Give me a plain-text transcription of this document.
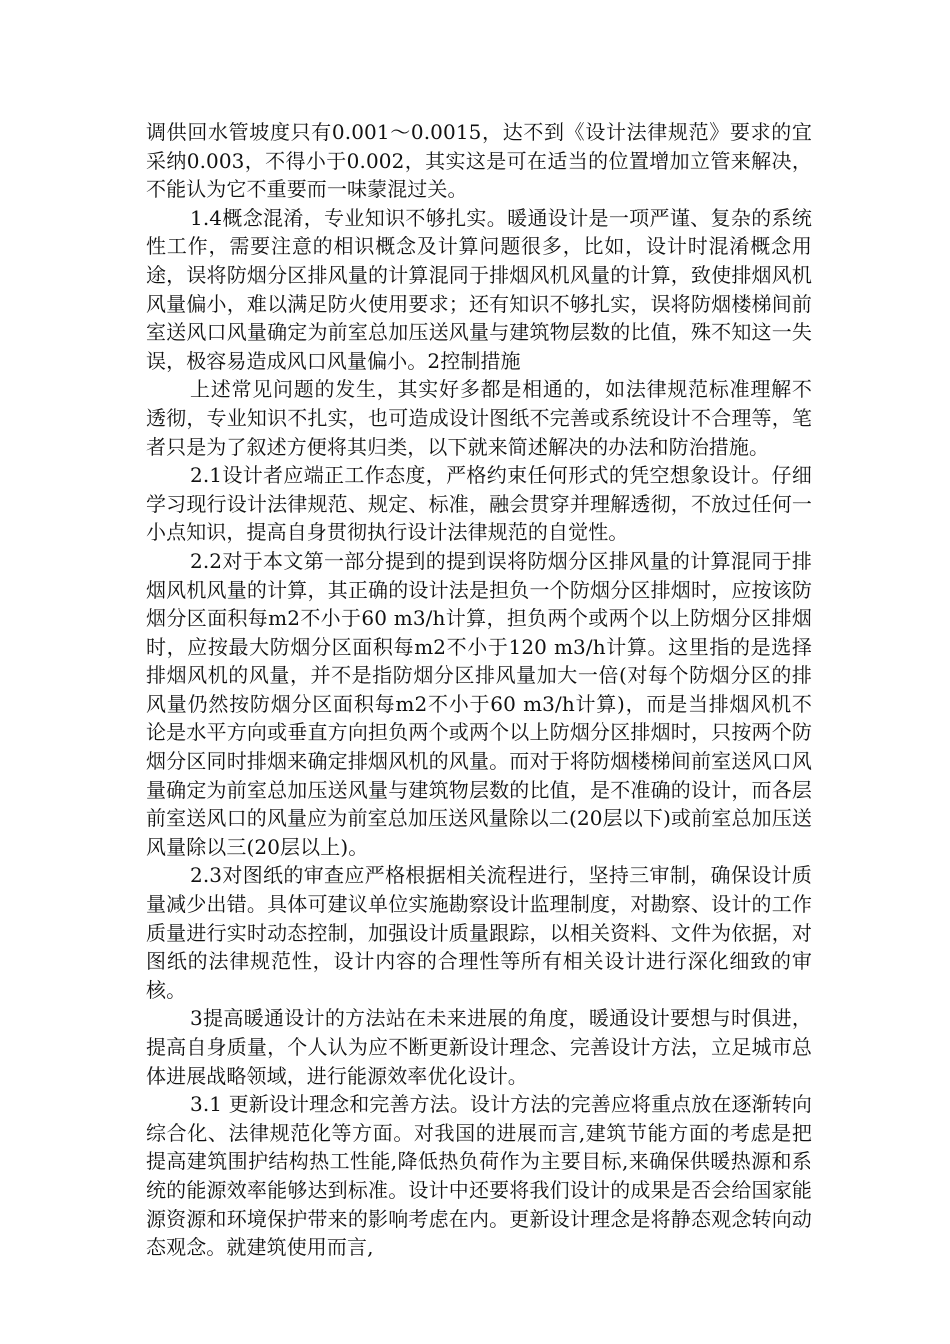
调供回水管坡度只有0.001～0.0015，达不到《设计法律规范》要求的宜采纳0.003，不得小于0.002，其实这是可在适当的位置增加立管来解决，不能认为它不重要而一味蒙混过关。

1.4概念混淆，专业知识不够扎实。暖通设计是一项严谨、复杂的系统性工作，需要注意的相识概念及计算问题很多，比如，设计时混淆概念用途，误将防烟分区排风量的计算混同于排烟风机风量的计算，致使排烟风机风量偏小，难以满足防火使用要求；还有知识不够扎实，误将防烟楼梯间前室送风口风量确定为前室总加压送风量与建筑物层数的比值，殊不知这一失误，极容易造成风口风量偏小。2控制措施

上述常见问题的发生，其实好多都是相通的，如法律规范标准理解不透彻，专业知识不扎实，也可造成设计图纸不完善或系统设计不合理等，笔者只是为了叙述方便将其归类，以下就来简述解决的办法和防治措施。

2.1设计者应端正工作态度，严格约束任何形式的凭空想象设计。仔细学习现行设计法律规范、规定、标准，融会贯穿并理解透彻，不放过任何一小点知识，提高自身贯彻执行设计法律规范的自觉性。

2.2对于本文第一部分提到的提到误将防烟分区排风量的计算混同于排烟风机风量的计算，其正确的设计法是担负一个防烟分区排烟时，应按该防烟分区面积每m2不小于60 m3/h计算，担负两个或两个以上防烟分区排烟时，应按最大防烟分区面积每m2不小于120 m3/h计算。这里指的是选择排烟风机的风量，并不是指防烟分区排风量加大一倍(对每个防烟分区的排风量仍然按防烟分区面积每m2不小于60 m3/h计算)，而是当排烟风机不论是水平方向或垂直方向担负两个或两个以上防烟分区排烟时，只按两个防烟分区同时排烟来确定排烟风机的风量。而对于将防烟楼梯间前室送风口风量确定为前室总加压送风量与建筑物层数的比值，是不准确的设计，而各层前室送风口的风量应为前室总加压送风量除以二(20层以下)或前室总加压送风量除以三(20层以上)。

2.3对图纸的审查应严格根据相关流程进行，坚持三审制，确保设计质量减少出错。具体可建议单位实施勘察设计监理制度，对勘察、设计的工作质量进行实时动态控制，加强设计质量跟踪，以相关资料、文件为依据，对图纸的法律规范性，设计内容的合理性等所有相关设计进行深化细致的审核。

3提高暖通设计的方法站在未来进展的角度，暖通设计要想与时俱进，提高自身质量，个人认为应不断更新设计理念、完善设计方法，立足城市总体进展战略领域，进行能源效率优化设计。

3.1 更新设计理念和完善方法。设计方法的完善应将重点放在逐渐转向综合化、法律规范化等方面。对我国的进展而言,建筑节能方面的考虑是把提高建筑围护结构热工性能,降低热负荷作为主要目标,来确保供暖热源和系统的能源效率能够达到标准。设计中还要将我们设计的成果是否会给国家能源资源和环境保护带来的影响考虑在内。更新设计理念是将静态观念转向动态观念。就建筑使用而言,
